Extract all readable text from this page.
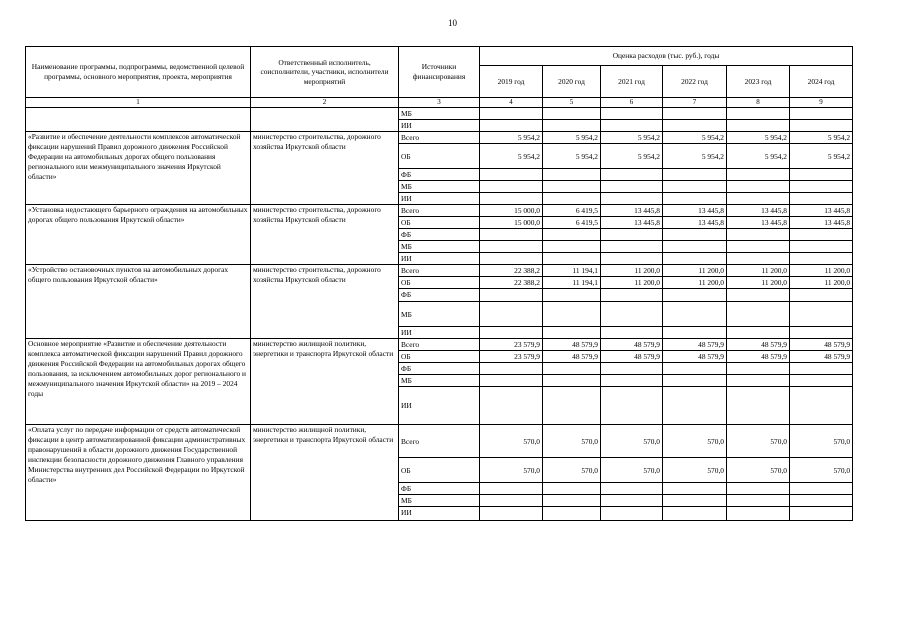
10
Наименование программы, подпрограммы, ведомственной целевой программы, основного мероприятия, проекта, мероприятия	Ответственный исполнитель, соисполнители, участники, исполнители мероприятий	Источники финансирования	Оценка расходов (тыс. руб.), годы					
			2019 год	2020 год	2021 год	2022 год	2023 год	2024 год
1	2	3	4	5	6	7	8	9
		МБ						
		ИИ						
«Развитие и обеспечение деятельности комплексов автоматической фиксации нарушений Правил дорожного движения Российской Федерации на автомобильных дорогах общего пользования регионального или межмуниципального значения Иркутской области»	министерство строительства, дорожного хозяйства Иркутской области	Всего	5 954,2	5 954,2	5 954,2	5 954,2	5 954,2	5 954,2
		ОБ	5 954,2	5 954,2	5 954,2	5 954,2	5 954,2	5 954,2
		ФБ						
		МБ						
		ИИ						
«Установка недостающего барьерного ограждения на автомобильных дорогах общего пользования Иркутской области»	министерство строительства, дорожного хозяйства Иркутской области	Всего	15 000,0	6 419,5	13 445,8	13 445,8	13 445,8	13 445,8
		ОБ	15 000,0	6 419,5	13 445,8	13 445,8	13 445,8	13 445,8
		ФБ						
		МБ						
		ИИ						
«Устройство остановочных пунктов на автомобильных дорогах общего пользования Иркутской области»	министерство строительства, дорожного хозяйства Иркутской области	Всего	22 388,2	11 194,1	11 200,0	11 200,0	11 200,0	11 200,0
		ОБ	22 388,2	11 194,1	11 200,0	11 200,0	11 200,0	11 200,0
		ФБ						
		МБ						
		ИИ						
Основное мероприятие «Развитие и обеспечение деятельности комплекса автоматической фиксации нарушений Правил дорожного движения Российской Федерации на автомобильных дорогах общего пользования, за исключением автомобильных дорог регионального и межмуниципального значения Иркутской области» на 2019 – 2024 годы	министерство жилищной политики, энергетики и транспорта Иркутской области	Всего	23 579,9	48 579,9	48 579,9	48 579,9	48 579,9	48 579,9
		ОБ	23 579,9	48 579,9	48 579,9	48 579,9	48 579,9	48 579,9
		ФБ						
		МБ						
		ИИ						
«Оплата услуг по передаче информации от средств автоматической фиксации в центр автоматизированной фиксации административных правонарушений в области дорожного движения Государственной инспекции безопасности дорожного движения Главного управления Министерства внутренних дел Российской Федерации по Иркутской области»	министерство жилищной политики, энергетики и транспорта Иркутской области	Всего	570,0	570,0	570,0	570,0	570,0	570,0
		ОБ	570,0	570,0	570,0	570,0	570,0	570,0
		ФБ						
		МБ						
		ИИ						
